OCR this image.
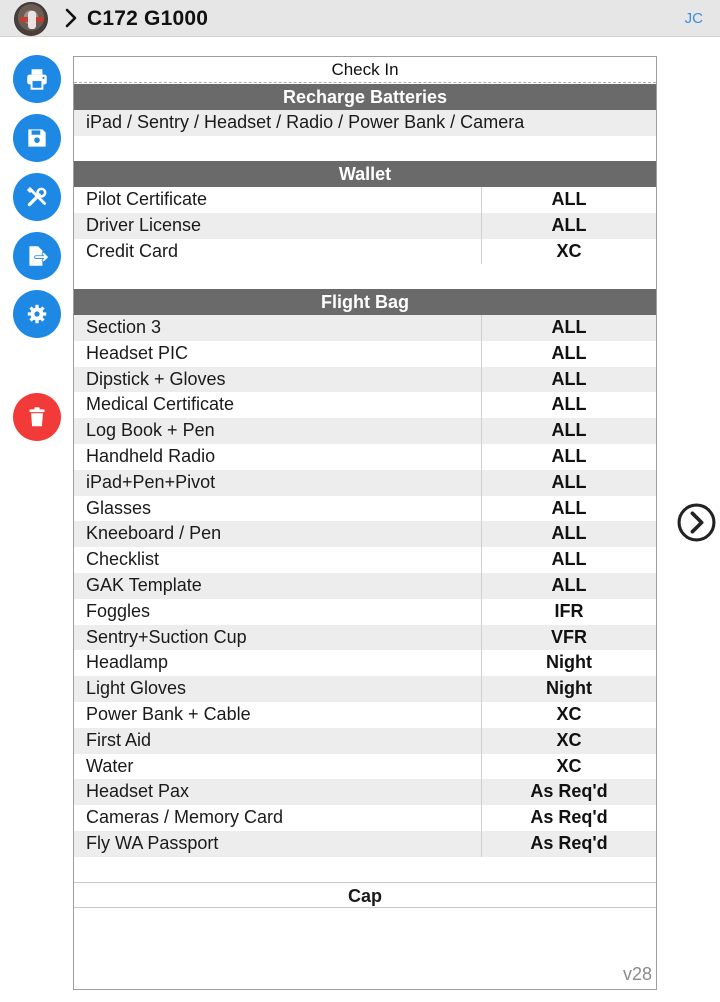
C172 G1000	JC
Check In
Recharge Batteries
iPad / Sentry / Headset / Radio / Power Bank / Camera
Wallet
Pilot Certificate	ALL
Driver License	ALL
Credit Card	XC
Flight Bag
Section 3	ALL
Headset PIC	ALL
Dipstick + Gloves	ALL
Medical Certificate	ALL
Log Book + Pen	ALL
Handheld Radio	ALL
iPad+Pen+Pivot	ALL
Glasses	ALL
Kneeboard / Pen	ALL
Checklist	ALL
GAK Template	ALL
Foggles	IFR
Sentry+Suction Cup	VFR
Headlamp	Night
Light Gloves	Night
Power Bank + Cable	XC
First Aid	XC
Water	XC
Headset Pax	As Req'd
Cameras / Memory Card	As Req'd
Fly WA Passport	As Req'd
Cap
v28
